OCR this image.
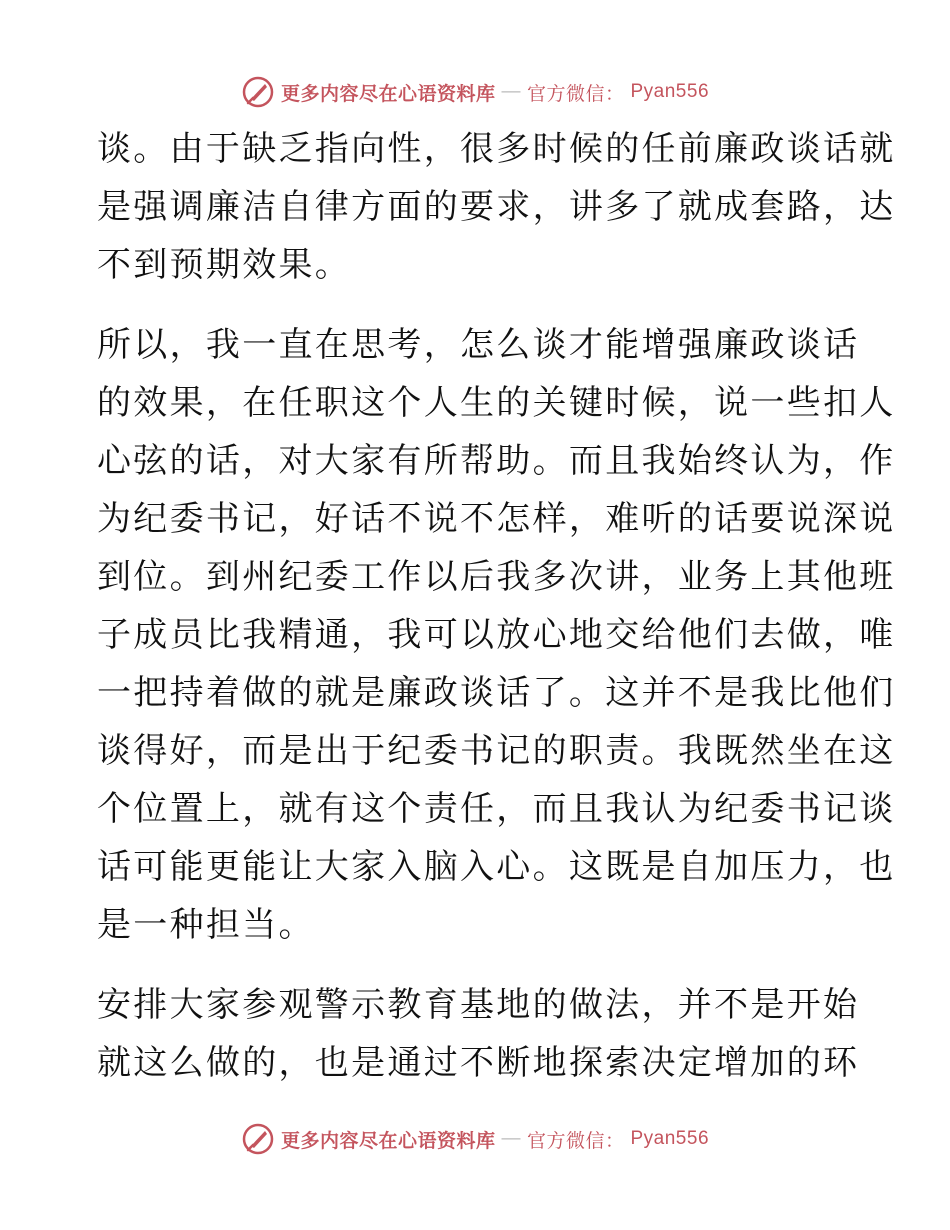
更多内容尽在心语资料库 — 官方微信： Pyan556
谈。由于缺乏指向性，很多时候的任前廉政谈话就
是强调廉洁自律方面的要求，讲多了就成套路，达
不到预期效果。
所以，我一直在思考，怎么谈才能增强廉政谈话
的效果，在任职这个人生的关键时候，说一些扣人
心弦的话，对大家有所帮助。而且我始终认为，作
为纪委书记，好话不说不怎样，难听的话要说深说
到位。到州纪委工作以后我多次讲，业务上其他班
子成员比我精通，我可以放心地交给他们去做，唯
一把持着做的就是廉政谈话了。这并不是我比他们
谈得好，而是出于纪委书记的职责。我既然坐在这
个位置上，就有这个责任，而且我认为纪委书记谈
话可能更能让大家入脑入心。这既是自加压力，也
是一种担当。
安排大家参观警示教育基地的做法，并不是开始
就这么做的，也是通过不断地探索决定增加的环
更多内容尽在心语资料库 — 官方微信： Pyan556
